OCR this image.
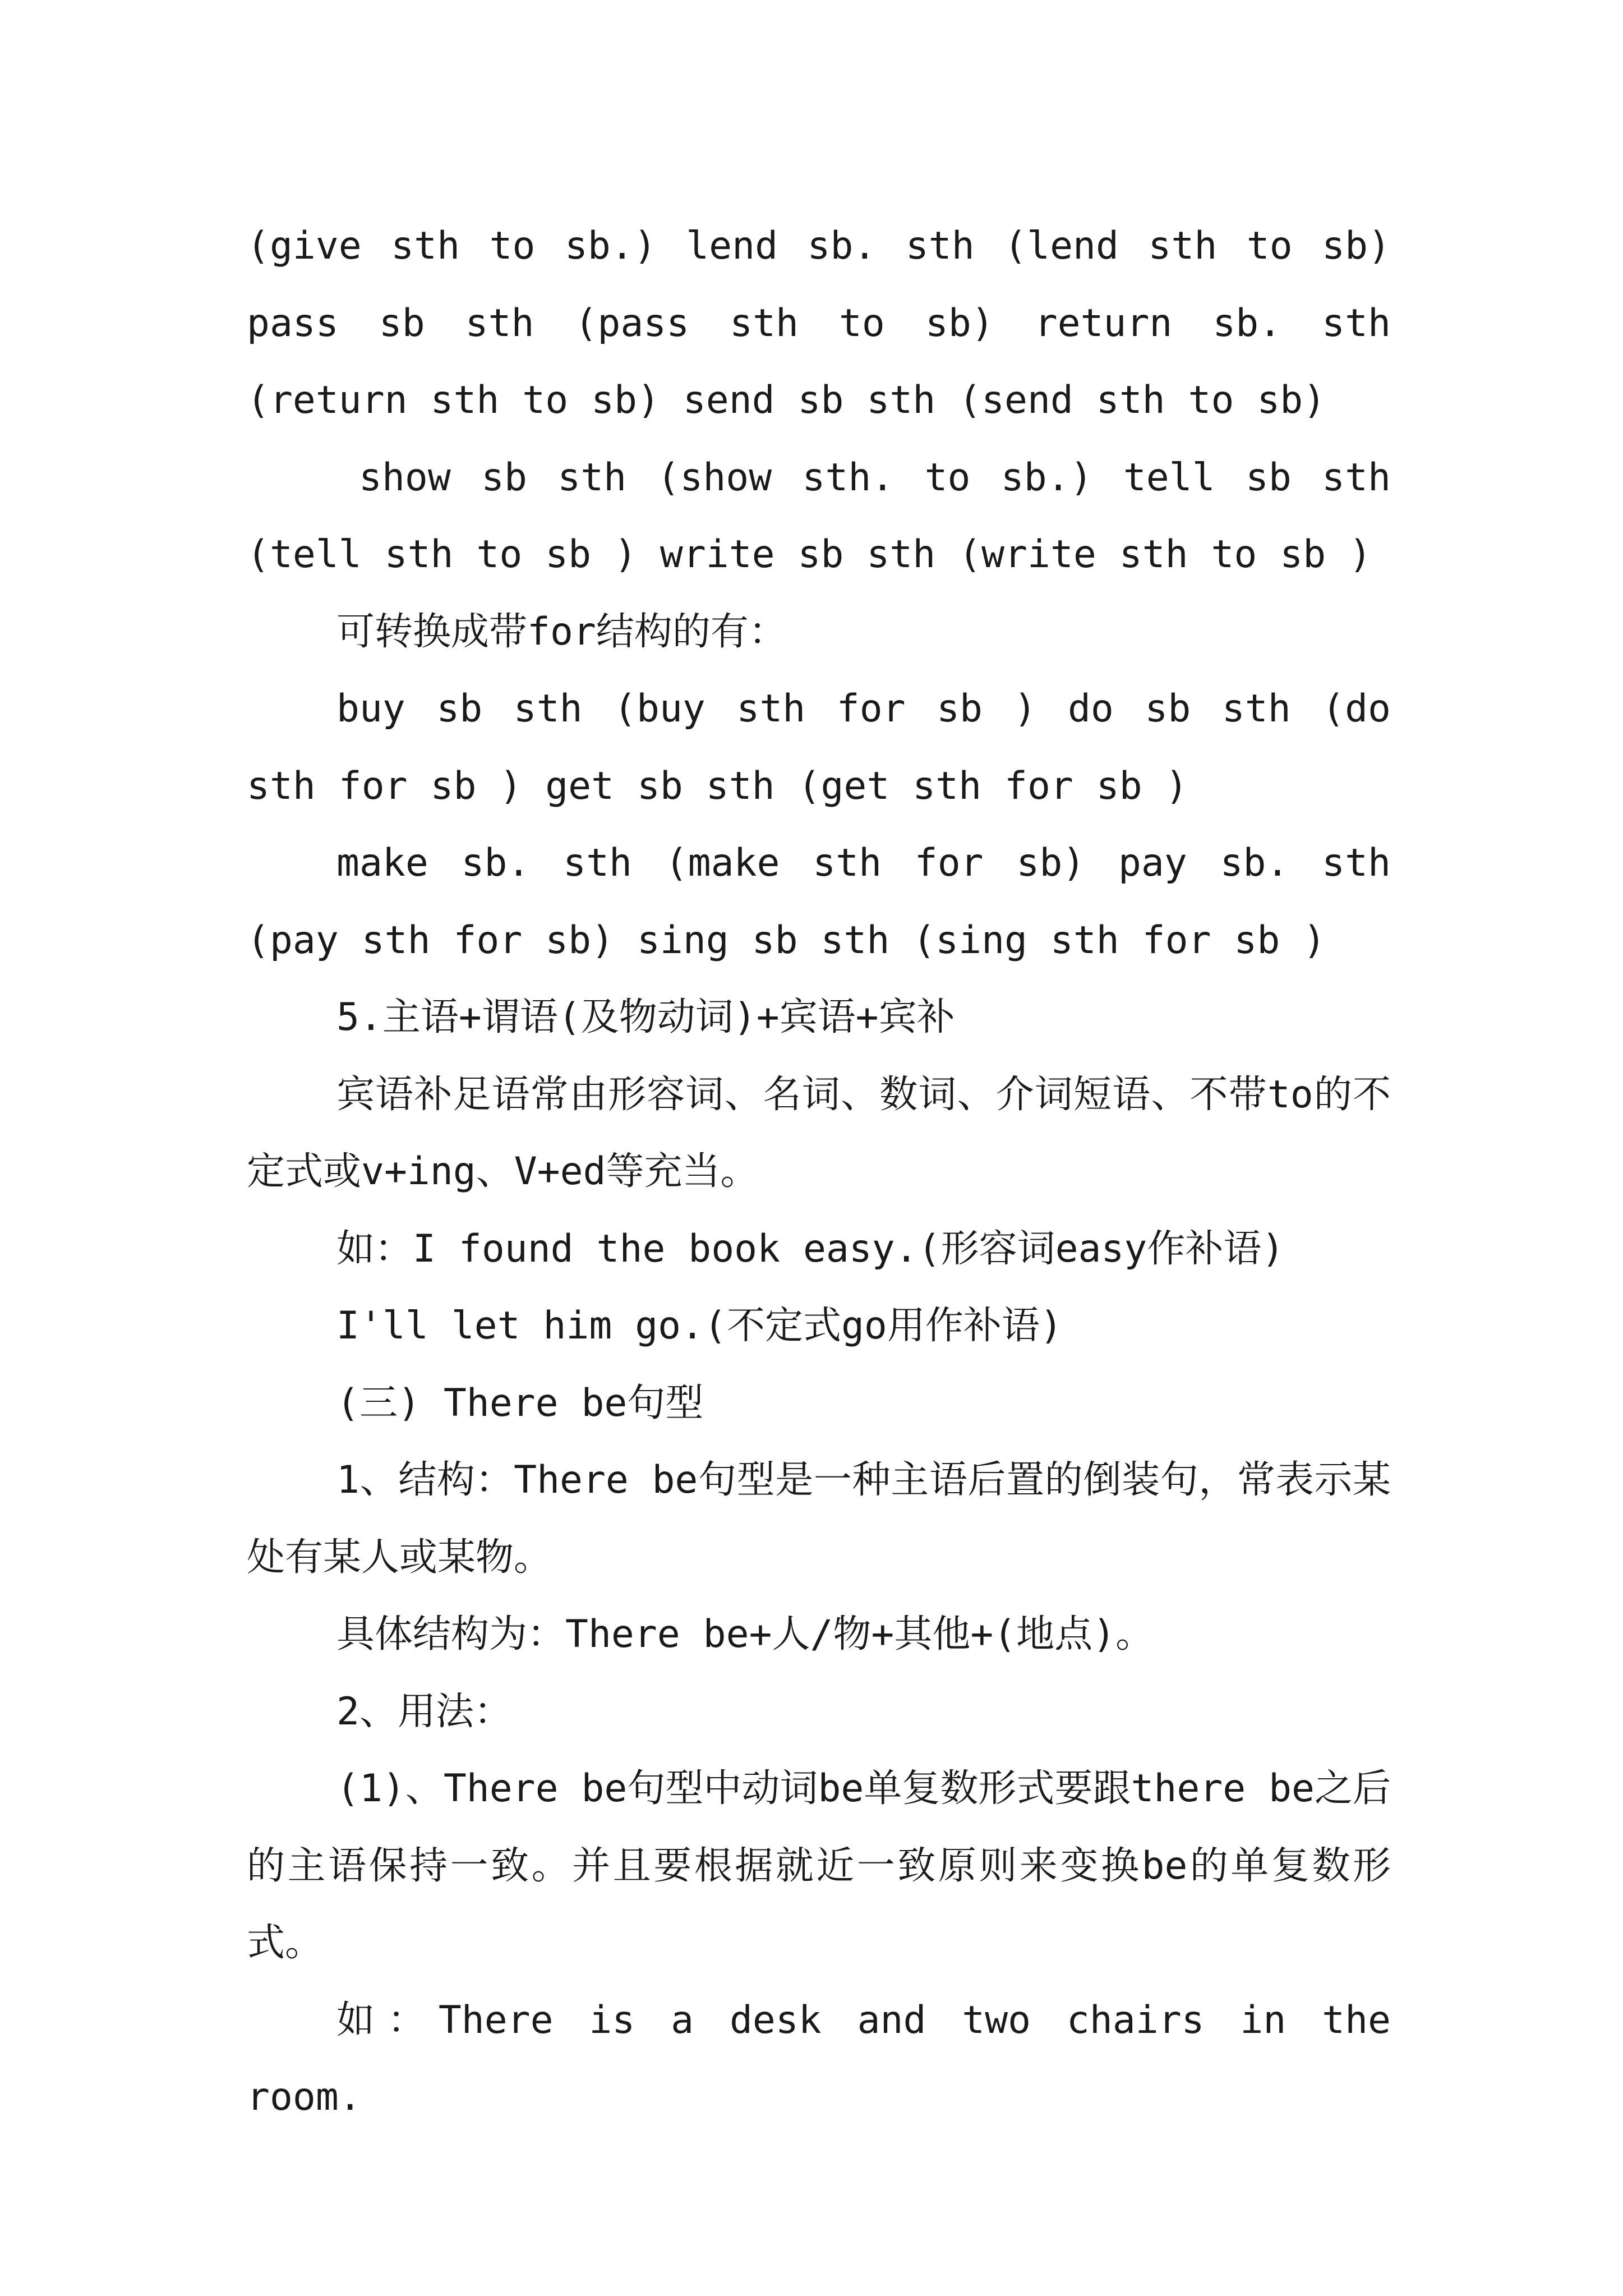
(give sth to sb.) lend sb. sth (lend sth to sb) pass sb sth (pass sth to sb) return sb. sth (return sth to sb) send sb sth (send sth to sb)

show sb sth (show sth. to sb.) tell sb sth (tell sth to sb ) write sb sth (write sth to sb )

可转换成带for结构的有：

buy sb sth (buy sth for sb ) do sb sth (do sth for sb ) get sb sth (get sth for sb )

make sb. sth (make sth for sb) pay sb. sth (pay sth for sb) sing sb sth (sing sth for sb )

5.主语+谓语(及物动词)+宾语+宾补

宾语补足语常由形容词、名词、数词、介词短语、不带to的不定式或v+ing、V+ed等充当。

如：I found the book easy.(形容词easy作补语)

I'll let him go.(不定式go用作补语)

(三) There be句型

1、结构：There be句型是一种主语后置的倒装句，常表示某处有某人或某物。

具体结构为：There be+人/物+其他+(地点)。

2、用法：

(1)、There be句型中动词be单复数形式要跟there be之后的主语保持一致。并且要根据就近一致原则来变换be的单复数形式。

如：There is a desk and two chairs in the room.
